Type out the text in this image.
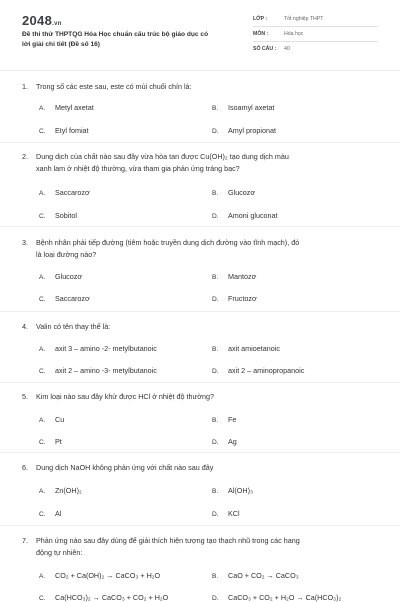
2048.vn
Đề thi thử THPTQG Hóa Học chuẩn cấu trúc bộ giáo dục có
lời giải chi tiết (Đề số 16)
LỚP :	Tốt nghiệp THPT
MÔN :	Hóa học
SỐ CÂU : 40
1. Trong số các este sau, este có mùi chuối chín là:
A. Metyl axetat	B. Isoamyl axetat
C. Etyl fomiat	D. Amyl propionat
2. Dung dịch của chất nào sau đây vừa hòa tan được Cu(OH)₂ tạo dung dịch màu
xanh lam ở nhiệt độ thường, vừa tham gia phản ứng tráng bạc?
A. Saccarozơ	B. Glucozơ
C. Sobitol	D. Amoni gluconat
3. Bệnh nhân phải tiếp đường (tiêm hoặc truyền dung dịch đường vào tĩnh mạch), đó
là loại đường nào?
A. Glucozơ	B. Mantozơ
C. Saccarozơ	D. Fructozơ
4. Valin có tên thay thế là:
A. axit 3 – amino -2- metylbutanoic	B. axit amioetanoic
C. axit 2 – amino -3- metylbutanoic	D. axit 2 – aminopropanoic
5. Kim loại nào sau đây khử được HCl ở nhiệt độ thường?
A. Cu	B. Fe
C. Pt	D. Ag
6. Dung dịch NaOH không phản ứng với chất nào sau đây
A. Zn(OH)₂	B. Al(OH)₃
C. Al	D. KCl
7. Phản ứng nào sau đây dùng để giải thích hiện tượng tạo thạch nhũ trong các hang
động tự nhiên:
A. CO₂ + Ca(OH)₂ → CaCO₃ + H₂O	B. CaO + CO₂ → CaCO₃
C. Ca(HCO₃)₂ → CaCO₃ + CO₂ + H₂O	D. CaCO₃ + CO₂ + H₂O → Ca(HCO₃)₂
